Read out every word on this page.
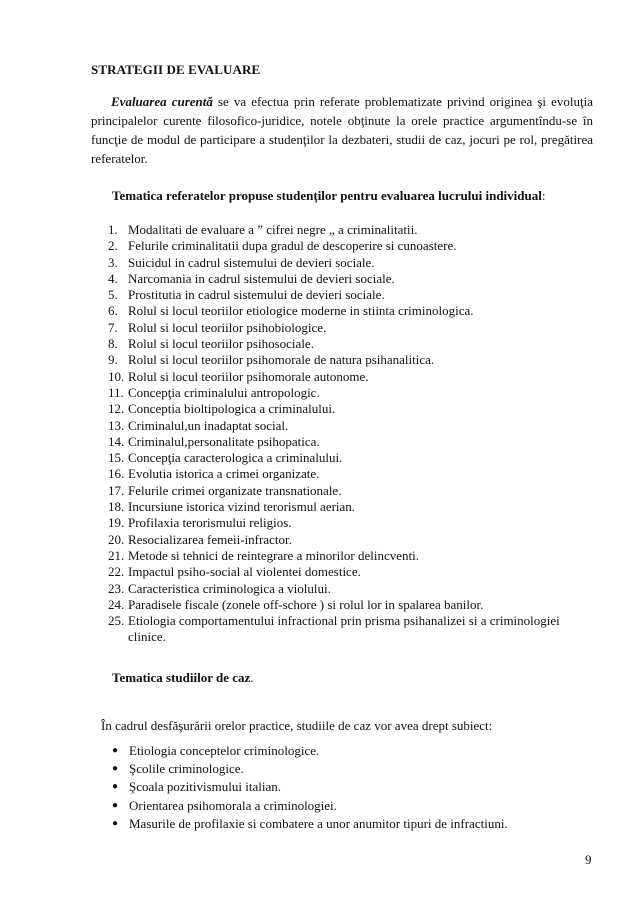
STRATEGII DE EVALUARE

Evaluarea curentă se va efectua prin referate problematizate privind originea şi evoluţia principalelor curente filosofico-juridice, notele obţinute la orele practice argumentîndu-se în funcţie de modul de participare a studenţilor la dezbateri, studii de caz, jocuri pe rol, pregătirea referatelor.

Tematica referatelor propuse studenţilor pentru evaluarea lucrului individual:
1. Modalitati de evaluare a ” cifrei negre „ a criminalitatii.
2. Felurile criminalitatii dupa gradul de descoperire si cunoastere.
3. Suicidul in cadrul sistemului de devieri sociale.
4. Narcomania in cadrul sistemului de devieri sociale.
5. Prostitutia in cadrul sistemului de devieri sociale.
6. Rolul si locul teoriilor etiologice moderne in stiinta criminologica.
7. Rolul si locul teoriilor psihobiologice.
8. Rolul si locul teoriilor psihosociale.
9. Rolul si locul teoriilor psihomorale de natura psihanalitica.
10. Rolul si locul teoriilor psihomorale autonome.
11. Concepţia criminalului antropologic.
12. Conceptia bioltipologica a criminalului.
13. Criminalul,un inadaptat social.
14. Criminalul,personalitate psihopatica.
15. Concepţia caracterologica a criminalului.
16. Evolutia istorica a crimei organizate.
17. Felurile crimei organizate transnationale.
18. Incursiune istorica vizind terorismul aerian.
19. Profilaxia terorismului religios.
20. Resocializarea femeii-infractor.
21. Metode si tehnici de reintegrare a minorilor delincventi.
22. Impactul psiho-social al violentei domestice.
23. Caracteristica criminologica a violului.
24. Paradisele fiscale (zonele off-schore ) si rolul lor in spalarea banilor.
25. Etiologia comportamentului infractional prin prisma psihanalizei si a criminologiei clinice.
Tematica studiilor de caz.
În cadrul desfăşurării orelor practice, studiile de caz vor avea drept subiect:
● Etiologia conceptelor criminologice.
● Şcolile criminologice.
● Şcoala pozitivismului italian.
● Orientarea psihomorala a criminologiei.
● Masurile de profilaxie si combatere a unor anumitor tipuri de infractiuni.
9
